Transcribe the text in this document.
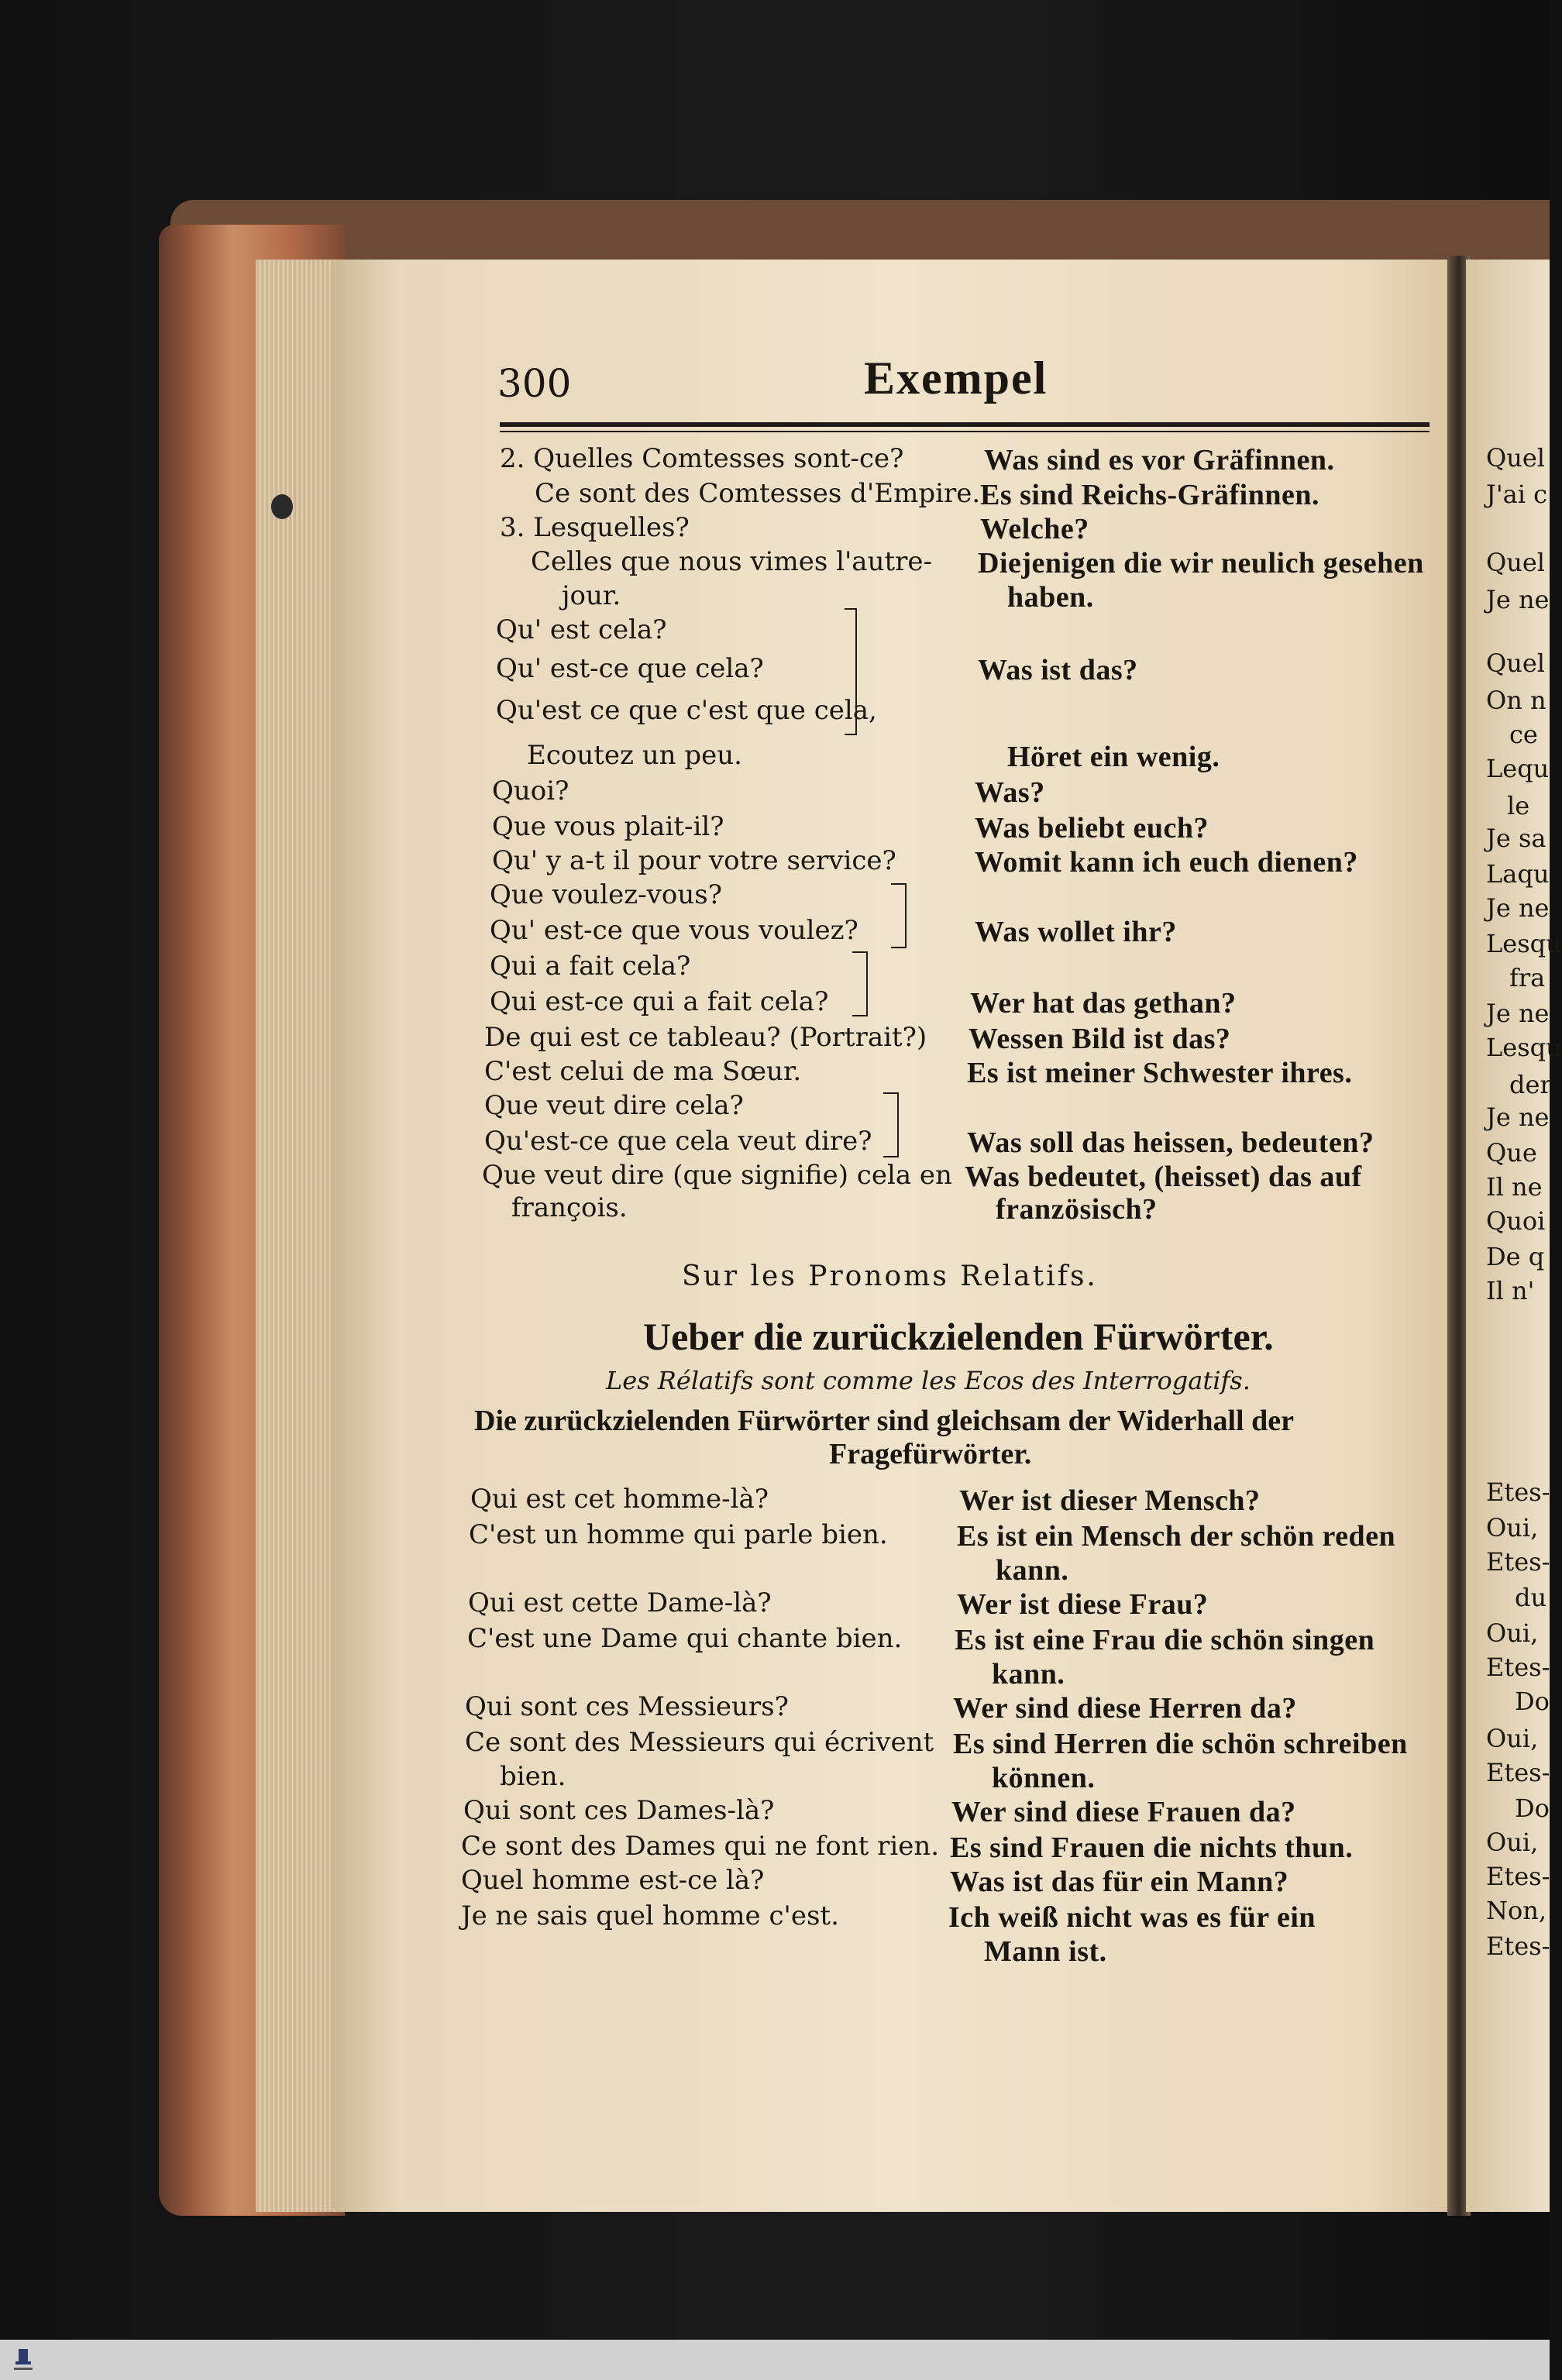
300	Exempel
2. Quelles Comtesses sont-ce?	Was sind es vor Gräfinnen.
Ce sont des Comtesses d'Empire. Es sind Reichs-Gräfinnen.
3. Lesquelles?	Welche?
Celles que nous vimes l'autre- Diejenigen die wir neulich gesehen
jour.	haben.
Qu' est cela?
Qu' est-ce que cela?	Was ist das?
Qu'est ce que c'est que cela,
Ecoutez un peu.	Höret ein wenig.
Quoi?	Was?
Que vous plait-il?	Was beliebt euch?
Qu' y a-t il pour votre service?	Womit kann ich euch dienen?
Que voulez-vous?
Qu' est-ce que vous voulez?	Was wollet ihr?
Qui a fait cela?
Qui est-ce qui a fait cela?	Wer hat das gethan?
De qui est ce tableau? (Portrait?) Wessen Bild ist das?
C'est celui de ma Sœur.	Es ist meiner Schwester ihres.
Que veut dire cela?
Qu'est-ce que cela veut dire?	Was soll das heissen, bedeuten?
Que veut dire (que signifie) cela en Was bedeutet, (heisset) das auf
françois.	französisch?
Sur les Pronoms Relatifs.
Ueber die zurückzielenden Fürwörter.
Les Rélatifs sont comme les Ecos des Interrogatifs.
Die zurückzielenden Fürwörter sind gleichsam der Widerhall der
Fragefürwörter.
Qui est cet homme-là?	Wer ist dieser Mensch?
C'est un homme qui parle bien. Es ist ein Mensch der schön reden
kann.
Qui est cette Dame-là?	Wer ist diese Frau?
C'est une Dame qui chante bien. Es ist eine Frau die schön singen
kann.
Qui sont ces Messieurs?	Wer sind diese Herren da?
Ce sont des Messieurs qui écrivent Es sind Herren die schön schreiben
bien.	können.
Qui sont ces Dames-là?	Wer sind diese Frauen da?
Ce sont des Dames qui ne font rien. Es sind Frauen die nichts thun.
Quel homme est-ce là?	Was ist das für ein Mann?
Je ne sais quel homme c'est.	Ich weiß nicht was es für ein
Mann ist.
Quel
J'ai c
Quel
Je ne
Quel
On n
ce
Lequ
le
Je sa
Laqu
Je ne
Lesqu
fra
Je ne
Lesqu
der
Je ne
Que
Il ne
Quoi
De q
Il n'
Etes-
Oui,
Etes-
du
Oui,
Etes-
Do
Oui,
Etes-
Do
Oui,
Etes-
Non,
Etes-
